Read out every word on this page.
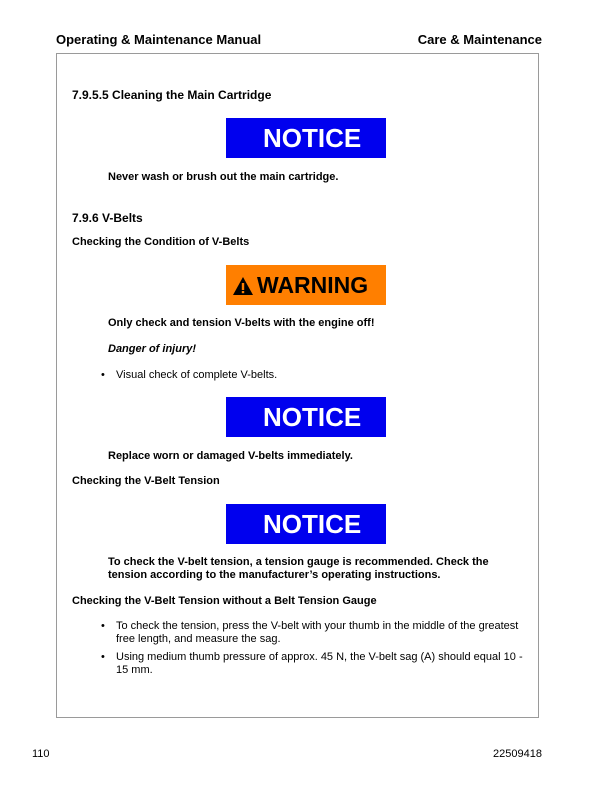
Operating & Maintenance Manual	Care & Maintenance
7.9.5.5 Cleaning the Main Cartridge
NOTICE
Never wash or brush out the main cartridge.
7.9.6 V-Belts
Checking the Condition of V-Belts
WARNING
Only check and tension V-belts with the engine off!
Danger of injury!
• Visual check of complete V-belts.
NOTICE
Replace worn or damaged V-belts immediately.
Checking the V-Belt Tension
NOTICE
To check the V-belt tension, a tension gauge is recommended. Check the
tension according to the manufacturer’s operating instructions.
Checking the V-Belt Tension without a Belt Tension Gauge
• To check the tension, press the V-belt with your thumb in the middle of the greatest
free length, and measure the sag.
• Using medium thumb pressure of approx. 45 N, the V-belt sag (A) should equal 10 -
15 mm.
110	22509418
